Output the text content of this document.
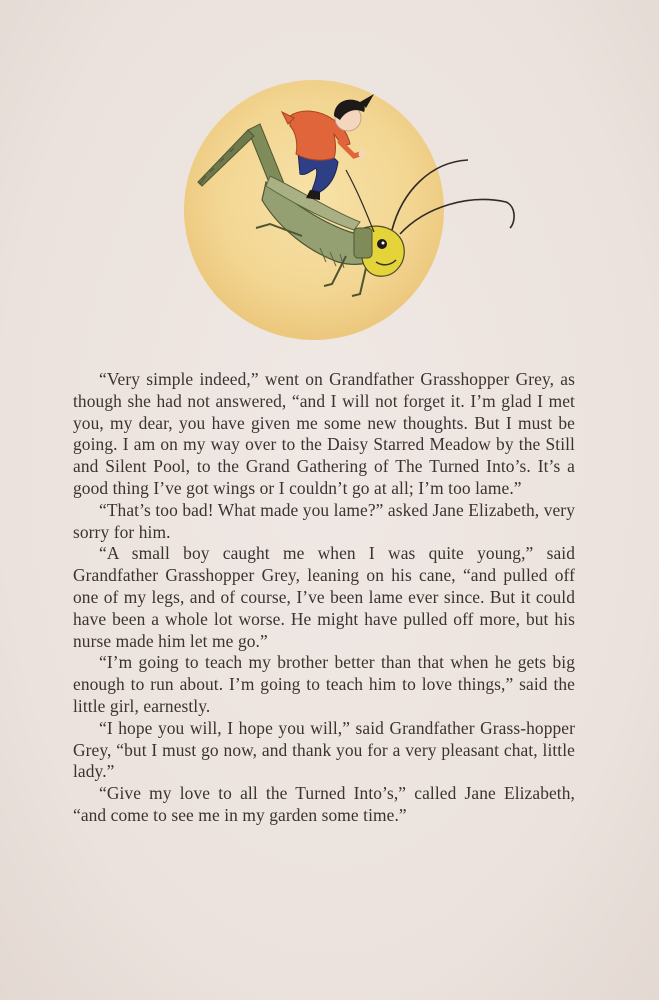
“Very simple indeed,” went on Grandfather Grasshopper Grey, as though she had not answered, “and I will not forget it. I’m glad I met you, my dear, you have given me some new thoughts. But I must be going. I am on my way over to the Daisy Starred Meadow by the Still and Silent Pool, to the Grand Gathering of The Turned Into’s. It’s a good thing I’ve got wings or I couldn’t go at all; I’m too lame.”

“That’s too bad! What made you lame?” asked Jane Elizabeth, very sorry for him.

“A small boy caught me when I was quite young,” said Grandfather Grasshopper Grey, leaning on his cane, “and pulled off one of my legs, and of course, I’ve been lame ever since. But it could have been a whole lot worse. He might have pulled off more, but his nurse made him let me go.”

“I’m going to teach my brother better than that when he gets big enough to run about. I’m going to teach him to love things,” said the little girl, earnestly.

“I hope you will, I hope you will,” said Grandfather Grass-hopper Grey, “but I must go now, and thank you for a very pleasant chat, little lady.”

“Give my love to all the Turned Into’s,” called Jane Elizabeth, “and come to see me in my garden some time.”
